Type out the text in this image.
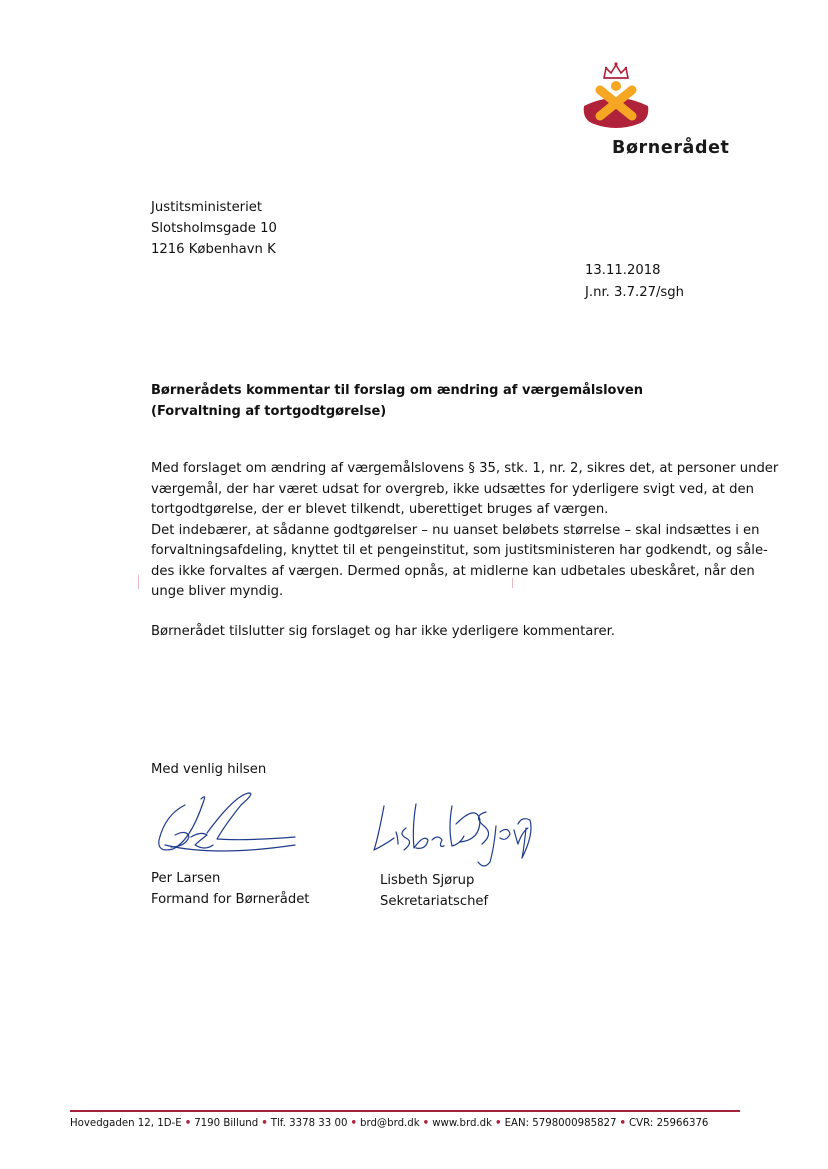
Børnerådet
Justitsministeriet
Slotsholmsgade 10
1216 København K
13.11.2018
J.nr. 3.7.27/sgh
Børnerådets kommentar til forslag om ændring af værgemålsloven
(Forvaltning af tortgodtgørelse)
Med forslaget om ændring af værgemålslovens § 35, stk. 1, nr. 2, sikres det, at personer under
værgemål, der har været udsat for overgreb, ikke udsættes for yderligere svigt ved, at den
tortgodtgørelse, der er blevet tilkendt, uberettiget bruges af værgen.
Det indebærer, at sådanne godtgørelser – nu uanset beløbets størrelse – skal indsættes i en
forvaltningsafdeling, knyttet til et pengeinstitut, som justitsministeren har godkendt, og såle-
des ikke forvaltes af værgen. Dermed opnås, at midlerne kan udbetales ubeskåret, når den
unge bliver myndig.
Børnerådet tilslutter sig forslaget og har ikke yderligere kommentarer.
Med venlig hilsen
Per Larsen
Formand for Børnerådet
Lisbeth Sjørup
Sekretariatschef
Hovedgaden 12, 1D-E • 7190 Billund • Tlf. 3378 33 00 • brd@brd.dk • www.brd.dk • EAN: 5798000985827 • CVR: 25966376
